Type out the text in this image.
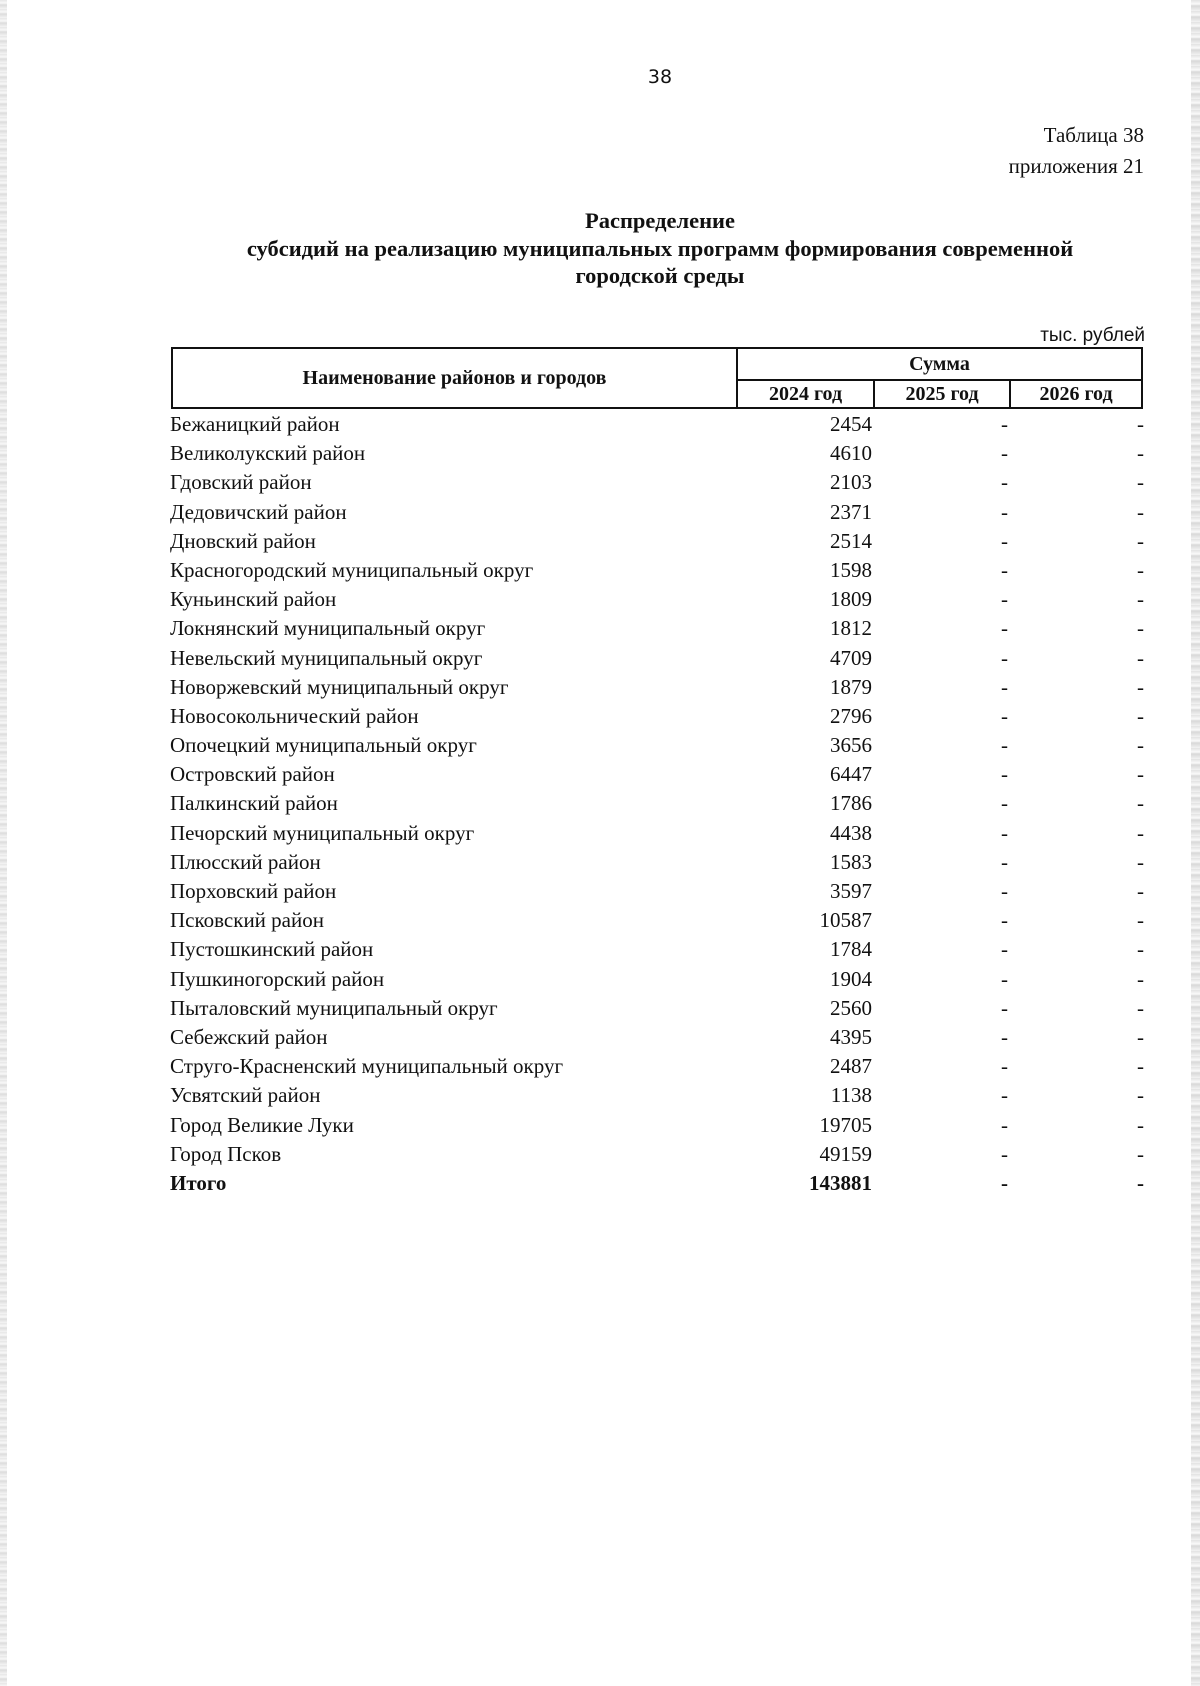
38
Таблица 38
приложения 21
Распределение
субсидий на реализацию муниципальных программ формирования современной
городской среды
тыс. рублей
Наименование районов и городов
Сумма
2024 год	2025 год	2026 год
Бежаницкий район	2454	-	-
Великолукский район	4610	-	-
Гдовский район	2103	-	-
Дедовичский район	2371	-	-
Дновский район	2514	-	-
Красногородский муниципальный округ	1598	-	-
Куньинский район	1809	-	-
Локнянский муниципальный округ	1812	-	-
Невельский муниципальный округ	4709	-	-
Новоржевский муниципальный округ	1879	-	-
Новосокольнический район	2796	-	-
Опочецкий муниципальный округ	3656	-	-
Островский район	6447	-	-
Палкинский район	1786	-	-
Печорский муниципальный округ	4438	-	-
Плюсский район	1583	-	-
Порховский район	3597	-	-
Псковский район	10587	-	-
Пустошкинский район	1784	-	-
Пушкиногорский район	1904	-	-
Пыталовский муниципальный округ	2560	-	-
Себежский район	4395	-	-
Струго-Красненский муниципальный округ	2487	-	-
Усвятский район	1138	-	-
Город Великие Луки	19705	-	-
Город Псков	49159	-	-
Итого	143881	-	-
